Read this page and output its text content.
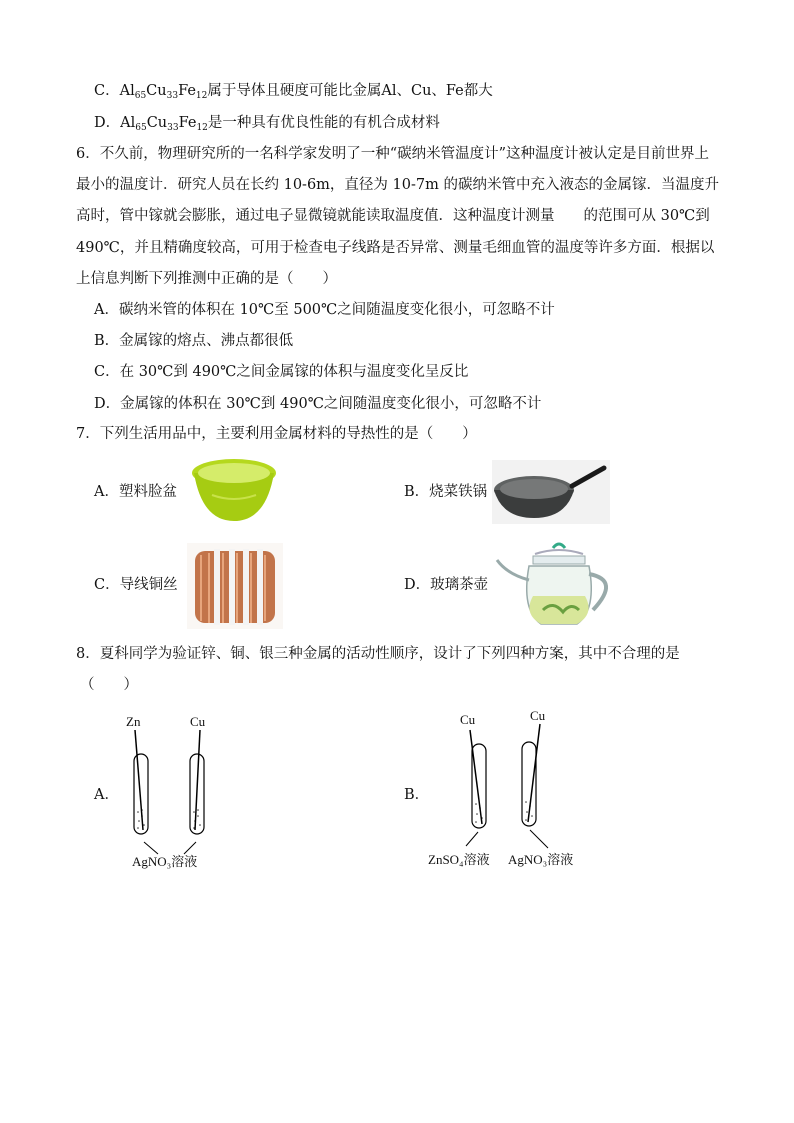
C．$Al_{65}Cu_{33}Fe_{12}$属于导体且硬度可能比金属Al、Cu、Fe都大
D．$Al_{65}Cu_{33}Fe_{12}$是一种具有优良性能的有机合成材料
6．不久前，物理研究所的一名科学家发明了一种“碳纳米管温度计”这种温度计被认定是目前世界上
最小的温度计．研究人员在长约 10-6m，直径为 10-7m 的碳纳米管中充入液态的金属镓．当温度升
高时，管中镓就会膨胀，通过电子显微镜就能读取温度值．这种温度计测量　　的范围可从 30℃到
490℃，并且精确度较高，可用于检查电子线路是否异常、测量毛细血管的温度等许多方面．根据以
上信息判断下列推测中正确的是（　　）
A．碳纳米管的体积在 10℃至 500℃之间随温度变化很小，可忽略不计
B．金属镓的熔点、沸点都很低
C．在 30℃到 490℃之间金属镓的体积与温度变化呈反比
D．金属镓的体积在 30℃到 490℃之间随温度变化很小，可忽略不计
7．下列生活用品中，主要利用金属材料的导热性的是（　　）
A．塑料脸盆	B．烧菜铁锅
C．导线铜丝	D．玻璃茶壶
8．夏科同学为验证锌、铜、银三种金属的活动性顺序，设计了下列四种方案，其中不合理的是
（　　）
A．
Zn	Cu
AgNO₃溶液
B．
Cu	Cu
ZnSO₄溶液 AgNO₃溶液
